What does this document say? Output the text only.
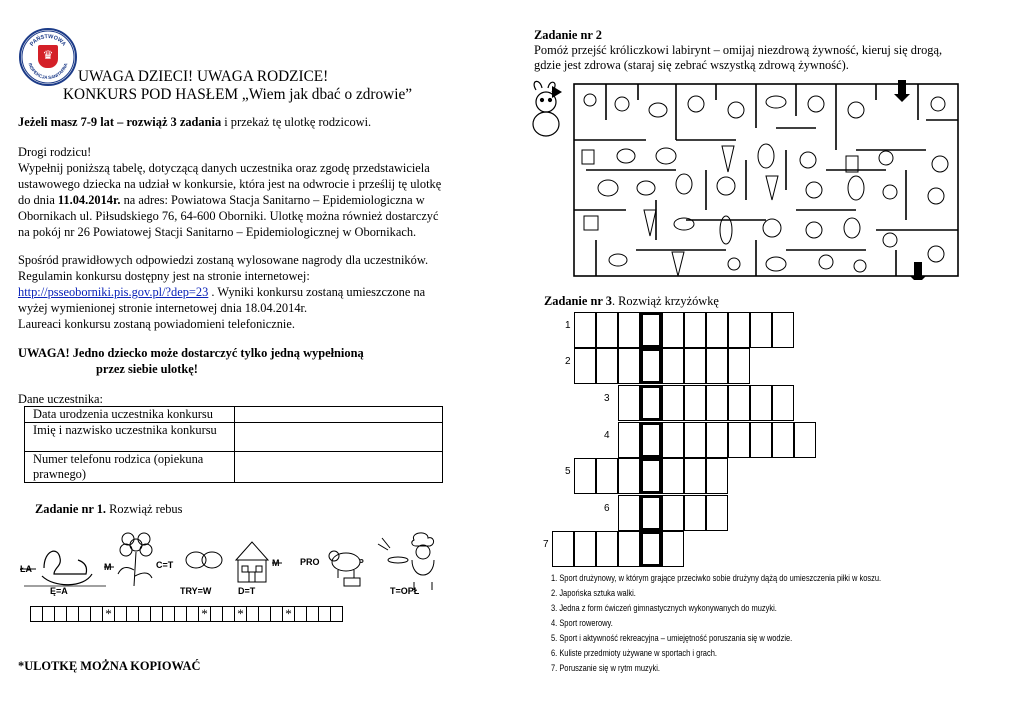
PAŃSTWOWA
INSPEKCJA SANITARNA
♛
UWAGA DZIECI! UWAGA RODZICE!
KONKURS POD HASŁEM „Wiem jak dbać o zdrowie”
Jeżeli masz 7-9 lat – rozwiąż 3 zadania i przekaż tę ulotkę rodzicowi.
Drogi rodzicu!
Wypełnij poniższą tabelę, dotyczącą danych uczestnika oraz zgodę przedstawiciela
ustawowego dziecka na udział w konkursie, która jest na odwrocie i prześlij tę ulotkę
do dnia 11.04.2014r. na adres: Powiatowa Stacja Sanitarno – Epidemiologiczna w
Obornikach ul. Piłsudskiego 76, 64-600 Oborniki. Ulotkę można również dostarczyć
na pokój nr 26 Powiatowej Stacji Sanitarno – Epidemiologicznej w Obornikach.
Spośród prawidłowych odpowiedzi zostaną wylosowane nagrody dla uczestników.
Regulamin konkursu dostępny jest na stronie internetowej:
http://psseoborniki.pis.gov.pl/?dep=23 . Wyniki konkursu zostaną umieszczone na
wyżej wymienionej stronie internetowej dnia 18.04.2014r.
Laureaci konkursu zostaną powiadomieni telefonicznie.
UWAGA! Jedno dziecko może dostarczyć tylko jedną wypełnioną
przez siebie ulotkę!
Dane uczestnika:
Data urodzenia uczestnika konkursu	
Imię i nazwisko uczestnika konkursu	
Numer telefonu rodzica (opiekuna prawnego)	
Zadanie nr 1. Rozwiąż rebus
ŁA
Ę=A
M	C=T
TRY=W
M
D=T
PRO
T=OPŁ
*	* *	*
*ULOTKĘ MOŻNA KOPIOWAĆ
Zadanie nr 2
Pomóż przejść króliczkowi labirynt – omijaj niezdrową żywność, kieruj się drogą,
gdzie jest zdrowa (staraj się zebrać wszystką zdrową żywność).
Zadanie nr 3. Rozwiąż krzyżówkę
1
2
3
4
5
6
7
1. Sport drużynowy, w którym grające przeciwko sobie drużyny dążą do umieszczenia piłki w koszu.
2. Japońska sztuka walki.
3. Jedna z form ćwiczeń gimnastycznych wykonywanych do muzyki.
4. Sport rowerowy.
5. Sport i aktywność rekreacyjna – umiejętność poruszania się w wodzie.
6. Kuliste przedmioty używane w sportach i grach.
7. Poruszanie się w rytm muzyki.
